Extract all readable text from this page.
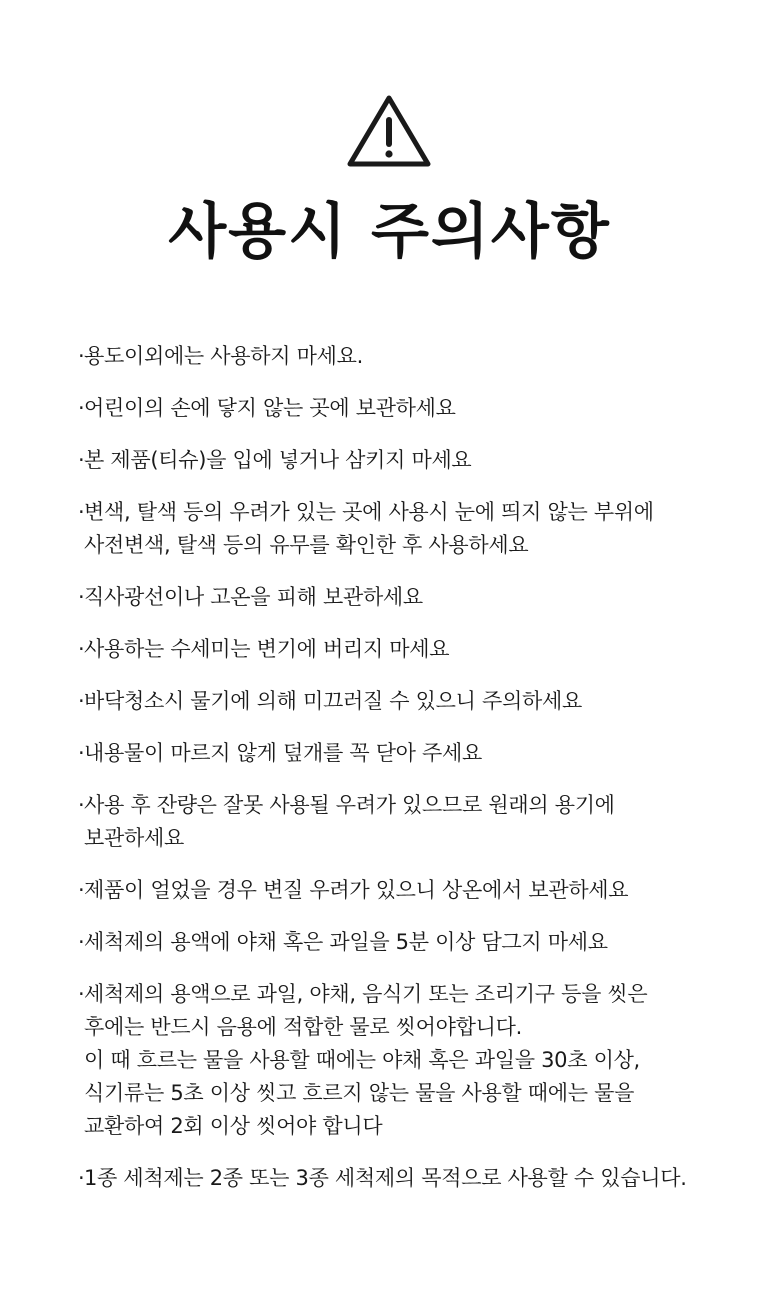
사용시 주의사항
·용도이외에는 사용하지 마세요.
·어린이의 손에 닿지 않는 곳에 보관하세요
·본 제품(티슈)을 입에 넣거나 삼키지 마세요
·변색, 탈색 등의 우려가 있는 곳에 사용시 눈에 띄지 않는 부위에
사전변색, 탈색 등의 유무를 확인한 후 사용하세요
·직사광선이나 고온을 피해 보관하세요
·사용하는 수세미는 변기에 버리지 마세요
·바닥청소시 물기에 의해 미끄러질 수 있으니 주의하세요
·내용물이 마르지 않게 덮개를 꼭 닫아 주세요
·사용 후 잔량은 잘못 사용될 우려가 있으므로 원래의 용기에
보관하세요
·제품이 얼었을 경우 변질 우려가 있으니 상온에서 보관하세요
·세척제의 용액에 야채 혹은 과일을 5분 이상 담그지 마세요
·세척제의 용액으로 과일, 야채, 음식기 또는 조리기구 등을 씻은
후에는 반드시 음용에 적합한 물로 씻어야합니다.
이 때 흐르는 물을 사용할 때에는 야채 혹은 과일을 30초 이상,
식기류는 5초 이상 씻고 흐르지 않는 물을 사용할 때에는 물을
교환하여 2회 이상 씻어야 합니다
·1종 세척제는 2종 또는 3종 세척제의 목적으로 사용할 수 있습니다.
